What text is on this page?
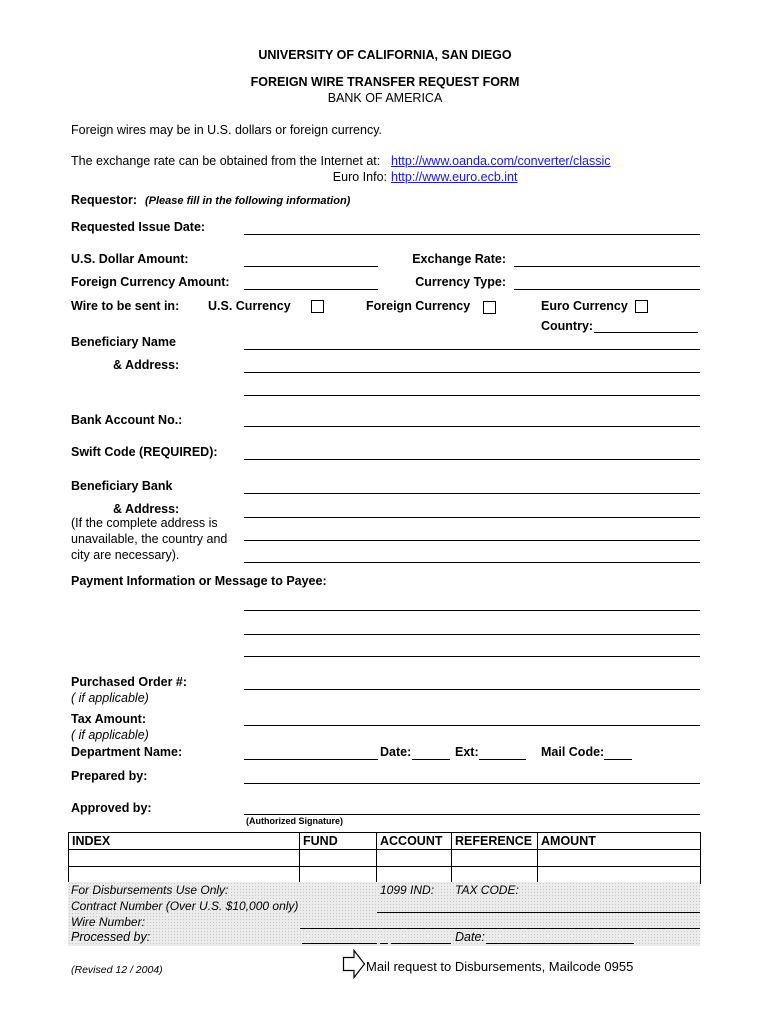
UNIVERSITY OF CALIFORNIA, SAN DIEGO
FOREIGN WIRE TRANSFER REQUEST FORM
BANK OF AMERICA
Foreign wires may be in U.S. dollars or foreign currency.
The exchange rate can be obtained from the Internet at: http://www.oanda.com/converter/classic
Euro Info: http://www.euro.ecb.int
Requestor: (Please fill in the following information)
Requested Issue Date:
U.S. Dollar Amount:	Exchange Rate:
Foreign Currency Amount:	Currency Type:
Wire to be sent in: U.S. Currency	Foreign Currency	Euro Currency
Country:
Beneficiary Name
& Address:
Bank Account No.:
Swift Code (REQUIRED):
Beneficiary Bank
& Address:
(If the complete address is
unavailable, the country and
city are necessary).
Payment Information or Message to Payee:
Purchased Order #:
( if applicable)
Tax Amount:
( if applicable)
Department Name:	Date:	Ext:	Mail Code:
Prepared by:
Approved by:
(Authorized Signature)
INDEX	FUND	ACCOUNT	REFERENCE	AMOUNT

For Disbursements Use Only:
Contract Number (Over U.S. $10,000 only)
Wire Number:
Processed by:
1099 IND: TAX CODE:
Date:
(Revised 12 / 2004)	Mail request to Disbursements, Mailcode 0955
